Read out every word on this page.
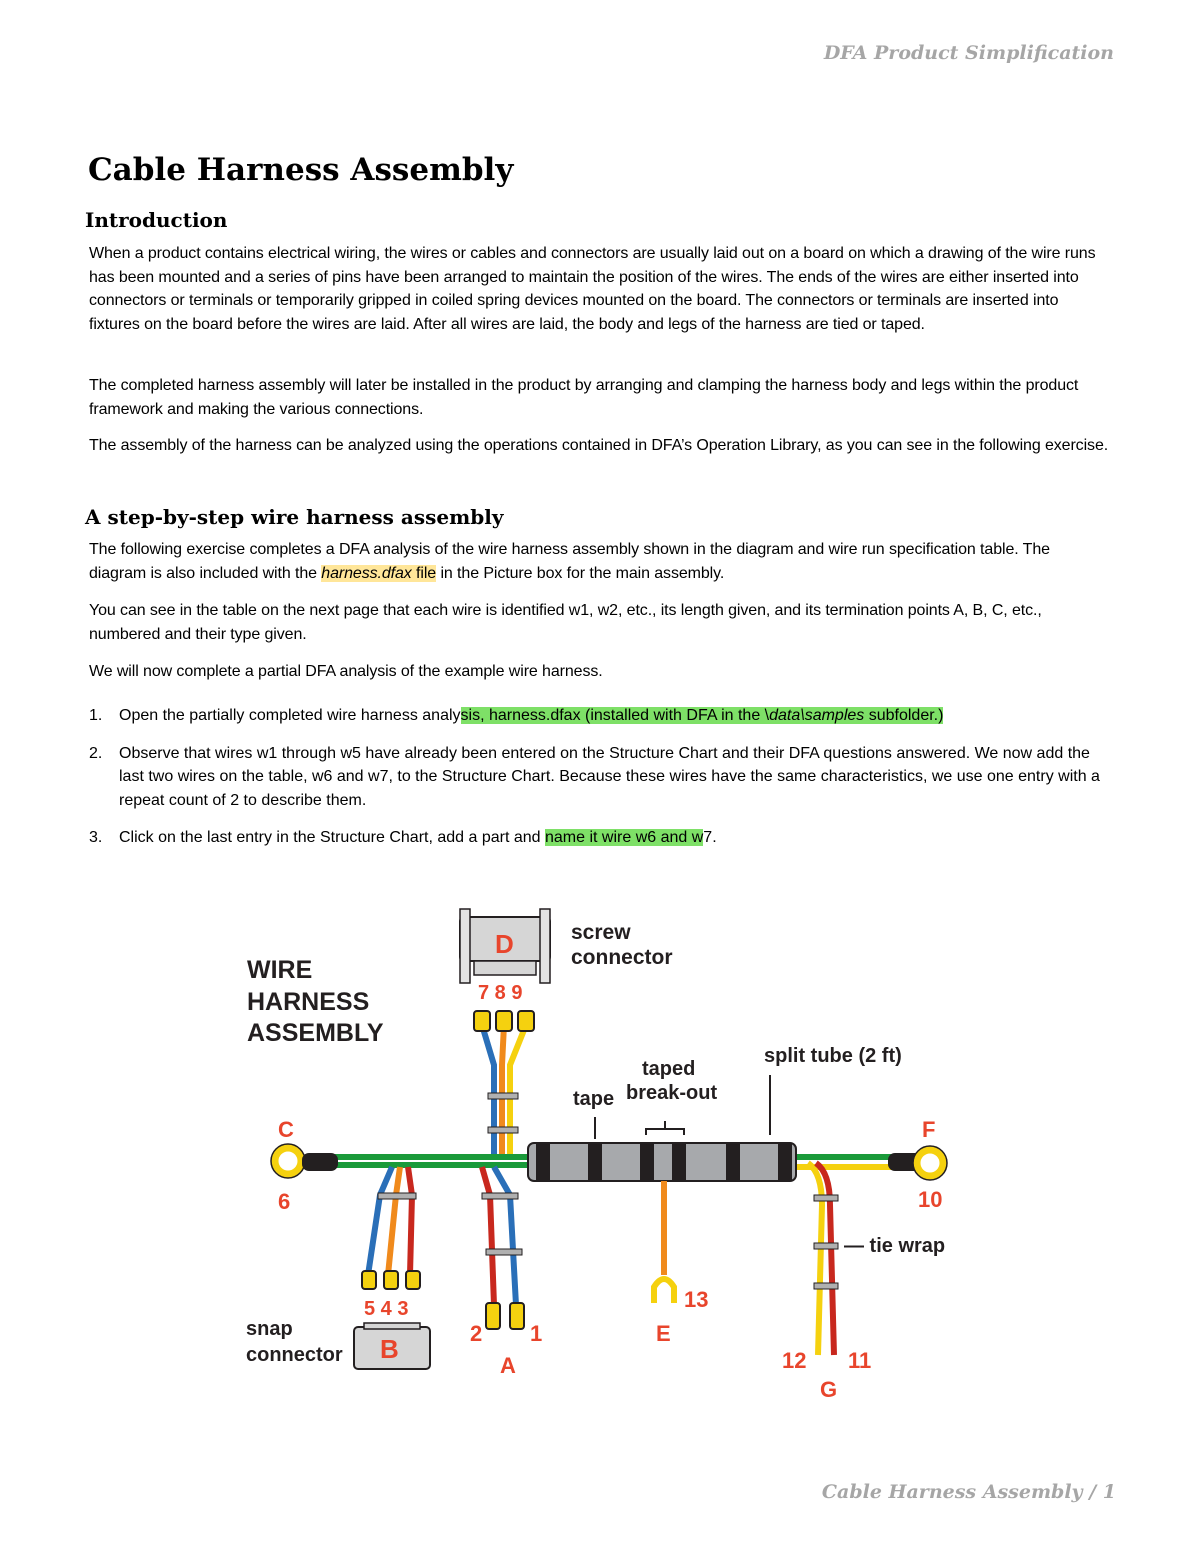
DFA Product Simplification
Cable Harness Assembly
Introduction

When a product contains electrical wiring, the wires or cables and connectors are usually laid out on a board on which a drawing of the wire runs has been mounted and a series of pins have been arranged to maintain the position of the wires. The ends of the wires are either inserted into connectors or terminals or temporarily gripped in coiled spring devices mounted on the board. The connectors or terminals are inserted into fixtures on the board before the wires are laid. After all wires are laid, the body and legs of the harness are tied or taped.

The completed harness assembly will later be installed in the product by arranging and clamping the harness body and legs within the product framework and making the various connections.

The assembly of the harness can be analyzed using the operations contained in DFA’s Operation Library, as you can see in the following exercise.

A step-by-step wire harness assembly

The following exercise completes a DFA analysis of the wire harness assembly shown in the diagram and wire run specification table. The diagram is also included with the harness.dfax file in the Picture box for the main assembly.

You can see in the table on the next page that each wire is identified w1, w2, etc., its length given, and its termination points A, B, C, etc., numbered and their type given.

We will now complete a partial DFA analysis of the example wire harness.

1. Open the partially completed wire harness analysis, harness.dfax (installed with DFA in the \data\samples subfolder.)
2. Observe that wires w1 through w5 have already been entered on the Structure Chart and their DFA questions answered. We now add the last two wires on the table, w6 and w7, to the Structure Chart. Because these wires have the same characteristics, we use one entry with a repeat count of 2 to describe them.
3. Click on the last entry in the Structure Chart, add a part and name it wire w6 and w7.
WIRE
HARNESS
ASSEMBLY
D	screw
connector
7 8 9
C
6
F
10
tape
taped
break-out
split tube (2 ft)
5 4 3
B
snap
connector
2 1
A
13
E
— tie wrap
12 11
G
Cable Harness Assembly / 1
